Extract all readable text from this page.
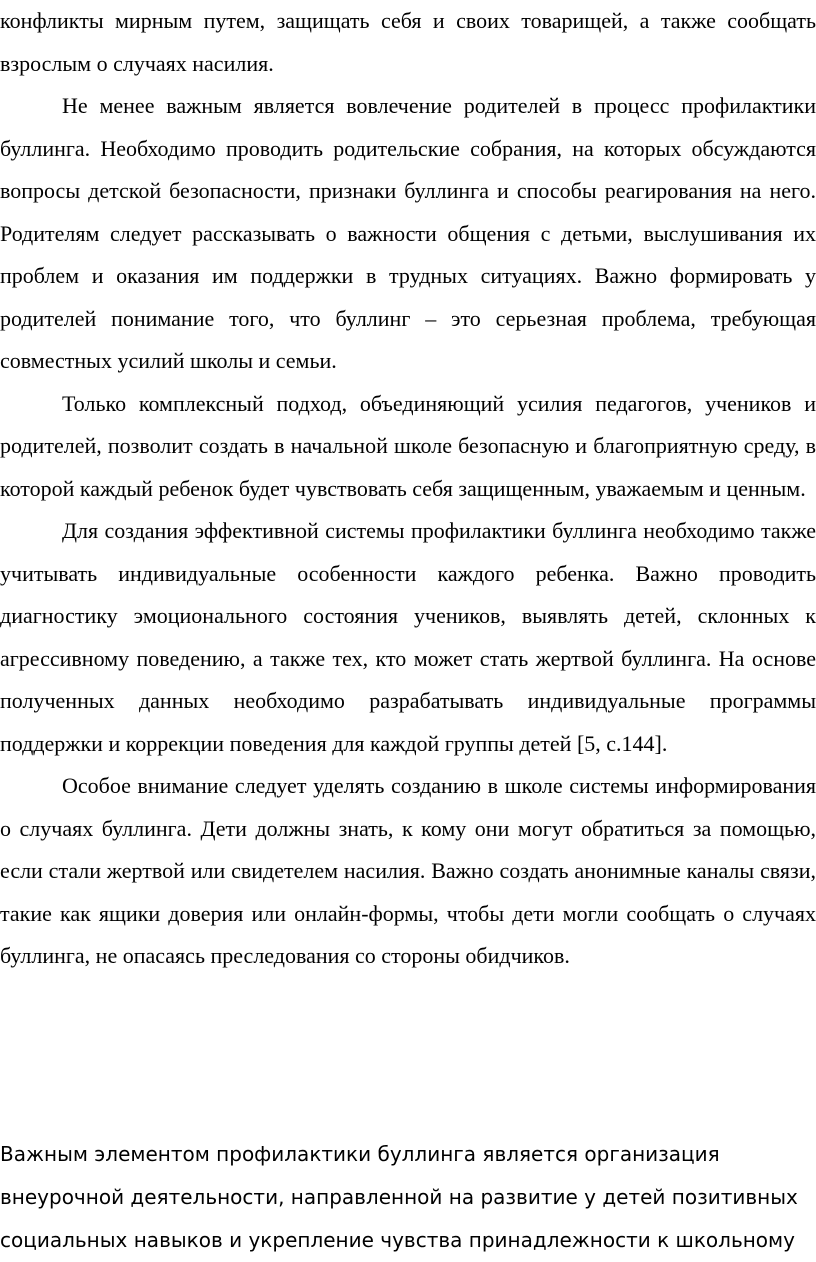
конфликты мирным путем, защищать себя и своих товарищей, а также сообщать взрослым о случаях насилия.

Не менее важным является вовлечение родителей в процесс профилактики буллинга. Необходимо проводить родительские собрания, на которых обсуждаются вопросы детской безопасности, признаки буллинга и способы реагирования на него. Родителям следует рассказывать о важности общения с детьми, выслушивания их проблем и оказания им поддержки в трудных ситуациях. Важно формировать у родителей понимание того, что буллинг – это серьезная проблема, требующая совместных усилий школы и семьи.

Только комплексный подход, объединяющий усилия педагогов, учеников и родителей, позволит создать в начальной школе безопасную и благоприятную среду, в которой каждый ребенок будет чувствовать себя защищенным, уважаемым и ценным.

Для создания эффективной системы профилактики буллинга необходимо также учитывать индивидуальные особенности каждого ребенка. Важно проводить диагностику эмоционального состояния учеников, выявлять детей, склонных к агрессивному поведению, а также тех, кто может стать жертвой буллинга. На основе полученных данных необходимо разрабатывать индивидуальные программы поддержки и коррекции поведения для каждой группы детей [5, с.144].

Особое внимание следует уделять созданию в школе системы информирования о случаях буллинга. Дети должны знать, к кому они могут обратиться за помощью, если стали жертвой или свидетелем насилия. Важно создать анонимные каналы связи, такие как ящики доверия или онлайн-формы, чтобы дети могли сообщать о случаях буллинга, не опасаясь преследования со стороны обидчиков.

Важным элементом профилактики буллинга является организация

внеурочной деятельности, направленной на развитие у детей позитивных

социальных навыков и укрепление чувства принадлежности к школьному
